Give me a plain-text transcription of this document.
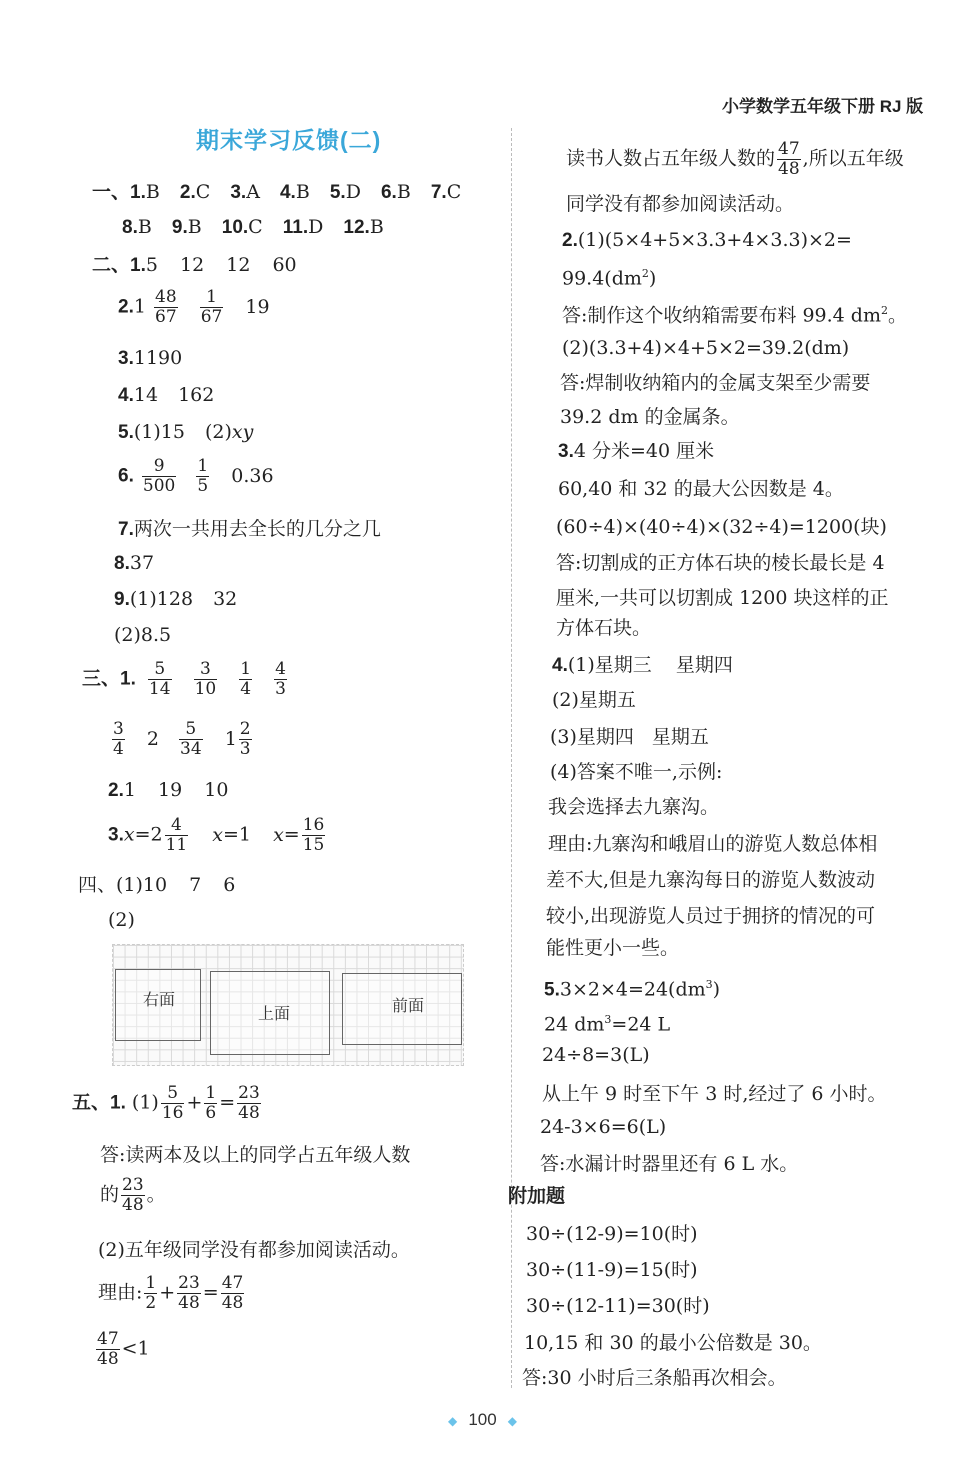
小学数学五年级下册 RJ 版
期末学习反馈(二)
一、1.B 2.C 3.A 4.B 5.D 6.B 7.C
8.B 9.B 10.C 11.D 12.B
二、1.5 12 12 60
$2.1 \frac{48}{67}$
$\frac{1}{67} 19$
3.1190
4.14 162
5.(1)15 (2)xy
6. $\frac{9}{500}$
$\frac{1}{5} 0.36$
7.两次一共用去全长的几分之几
8.37
9.(1)128 32
(2)8.5
三、1. $\frac{5}{14}$
$\frac{3}{10}$
$\frac{1}{4}$
$\frac{4}{3}$
$\frac{3}{4} 2 \frac{5}{34} 1 \frac{2}{3}$
2.1 19 10
$3.x=2 \frac{4}{11} x=1$ $x= \frac{16}{15}$
四、(1)10 7 6
(2)
右面
上面	前面
五、1. $(1) \frac{5}{16} + \frac{1}{6} = \frac{23}{48}$
答:读两本及以上的同学占五年级人数
的 $\frac{23}{48}$ 。
(2)五年级同学没有都参加阅读活动。
理由: $\frac{1}{2} + \frac{23}{48} = \frac{47}{48}$
$\frac{47}{48} <1$
读书人数占五年级人数的 $\frac{47}{48}$ ,所以五年级
同学没有都参加阅读活动。
2.(1)(5×4+5×3.3+4×3.3)×2=
$99.4(dm^2)$
答:制作这个收纳箱需要布料 99.4 $dm^2$。
(2)(3.3+4)×4+5×2=39.2(dm)
答:焊制收纳箱内的金属支架至少需要
39.2 dm 的金属条。
3.4 分米=40 厘米
60,40 和 32 的最大公因数是 4。
(60÷4)×(40÷4)×(32÷4)=1200(块)
答:切割成的正方体石块的棱长最长是 4
厘米,一共可以切割成 1200 块这样的正
方体石块。
4.(1)星期三 星期四
(2)星期五
(3)星期四 星期五
(4)答案不唯一,示例:
我会选择去九寨沟。
理由:九寨沟和峨眉山的游览人数总体相
差不大,但是九寨沟每日的游览人数波动
较小,出现游览人员过于拥挤的情况的可
能性更小一些。
$5.3\times 2\times 4=24(dm^3)$
24 $dm^3=24$ L
24÷8=3(L)
从上午 9 时至下午 3 时,经过了 6 小时。
24-3×6=6(L)
答:水漏计时器里还有 6 L 水。
附加题
30÷(12-9)=10(时)
30÷(11-9)=15(时)
30÷(12-11)=30(时)
10,15 和 30 的最小公倍数是 30。
答:30 小时后三条船再次相会。
◆ 100 ◆
